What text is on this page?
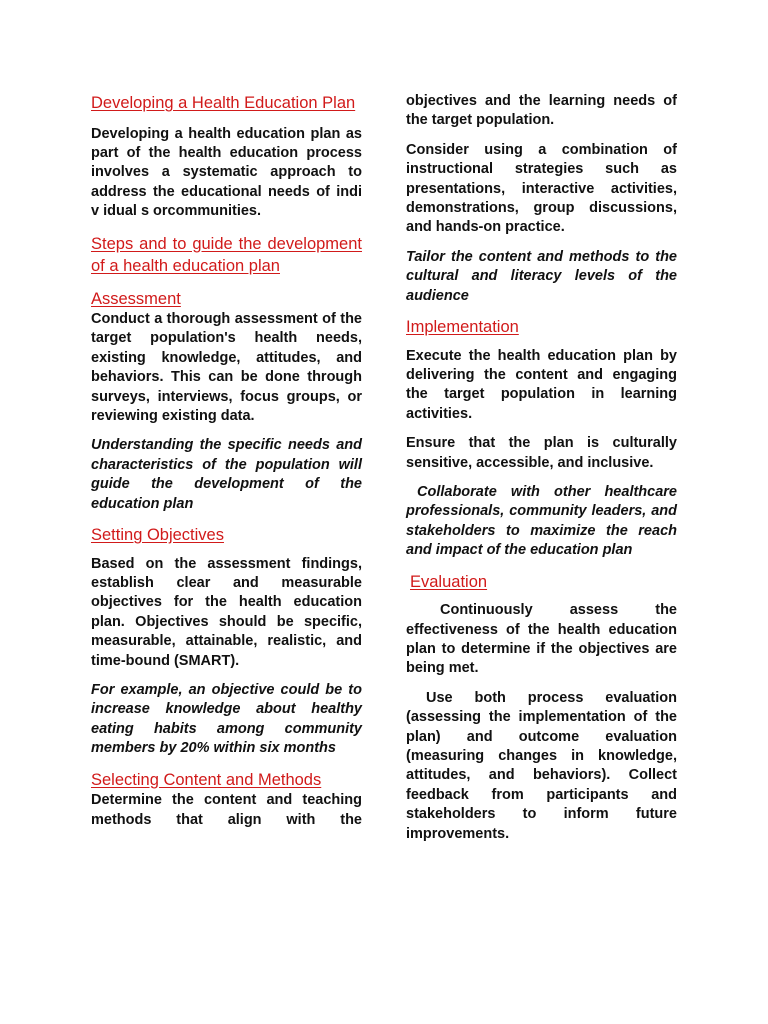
Developing a Health Education Plan

Developing a health education plan as part of the health education process involves a systematic approach to address the educational needs of indi v idual s orcommunities.

Steps and to guide the development
of a health education plan
Assessment

Conduct a thorough assessment of the target population's health needs, existing knowledge, attitudes, and behaviors. This can be done through surveys, interviews, focus groups, or reviewing existing data.

Understanding the specific needs and characteristics of the population will guide the development of the education plan

Setting Objectives

Based on the assessment findings, establish clear and measurable objectives for the health education plan. Objectives should be specific, measurable, attainable, realistic, and time-bound (SMART).

For example, an objective could be to increase knowledge about healthy eating habits among community members by 20% within six months

Selecting Content and Methods

Determine the content and teaching methods that align with the

objectives and the learning needs of the target population.

Consider using a combination of instructional strategies such as presentations, interactive activities, demonstrations, group discussions, and hands-on practice.

Tailor the content and methods to the cultural and literacy levels of the audience

Implementation

Execute the health education plan by delivering the content and engaging the target population in learning activities.

Ensure that the plan is culturally sensitive, accessible, and inclusive.

Collaborate with other healthcare professionals, community leaders, and stakeholders to maximize the reach and impact of the education plan

Evaluation

Continuously assess the effectiveness of the health education plan to determine if the objectives are being met.

Use both process evaluation (assessing the implementation of the plan) and outcome evaluation (measuring changes in knowledge, attitudes, and behaviors). Collect feedback from participants and stakeholders to inform future improvements.
